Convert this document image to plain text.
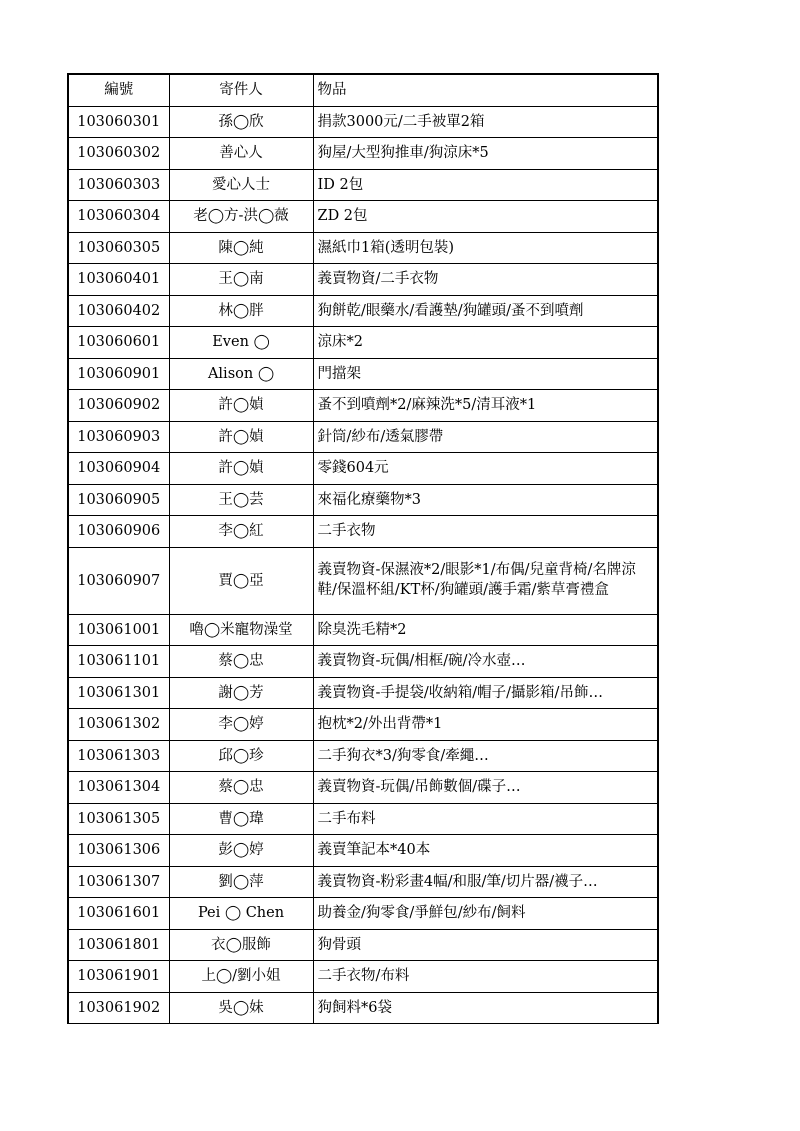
編號	寄件人	物品
103060301	孫◯欣	捐款3000元/二手被單2箱
103060302	善心人	狗屋/大型狗推車/狗涼床*5
103060303	愛心人士	ID 2包
103060304	老◯方-洪◯薇	ZD 2包
103060305	陳◯純	濕紙巾1箱(透明包裝)
103060401	王◯南	義賣物資/二手衣物
103060402	林◯胖	狗餅乾/眼藥水/看護墊/狗罐頭/蚤不到噴劑
103060601	Even ◯	涼床*2
103060901	Alison ◯	門擋架
103060902	許◯媜	蚤不到噴劑*2/麻辣洗*5/清耳液*1
103060903	許◯媜	針筒/紗布/透氣膠帶
103060904	許◯媜	零錢604元
103060905	王◯芸	來福化療藥物*3
103060906	李◯紅	二手衣物
103060907	賈◯亞	義賣物資-保濕液*2/眼影*1/布偶/兒童背椅/名牌涼鞋/保溫杯組/KT杯/狗罐頭/護手霜/紫草膏禮盒
103061001	嚕◯米寵物澡堂	除臭洗毛精*2
103061101	蔡◯忠	義賣物資-玩偶/相框/碗/冷水壺…
103061301	謝◯芳	義賣物資-手提袋/收納箱/帽子/攝影箱/吊飾…
103061302	李◯婷	抱枕*2/外出背帶*1
103061303	邱◯珍	二手狗衣*3/狗零食/牽繩…
103061304	蔡◯忠	義賣物資-玩偶/吊飾數個/碟子…
103061305	曹◯瑋	二手布料
103061306	彭◯婷	義賣筆記本*40本
103061307	劉◯萍	義賣物資-粉彩畫4幅/和服/筆/切片器/襪子…
103061601	Pei ◯ Chen	助養金/狗零食/爭鮮包/紗布/飼料
103061801	衣◯服飾	狗骨頭
103061901	上◯/劉小姐	二手衣物/布料
103061902	吳◯妹	狗飼料*6袋
